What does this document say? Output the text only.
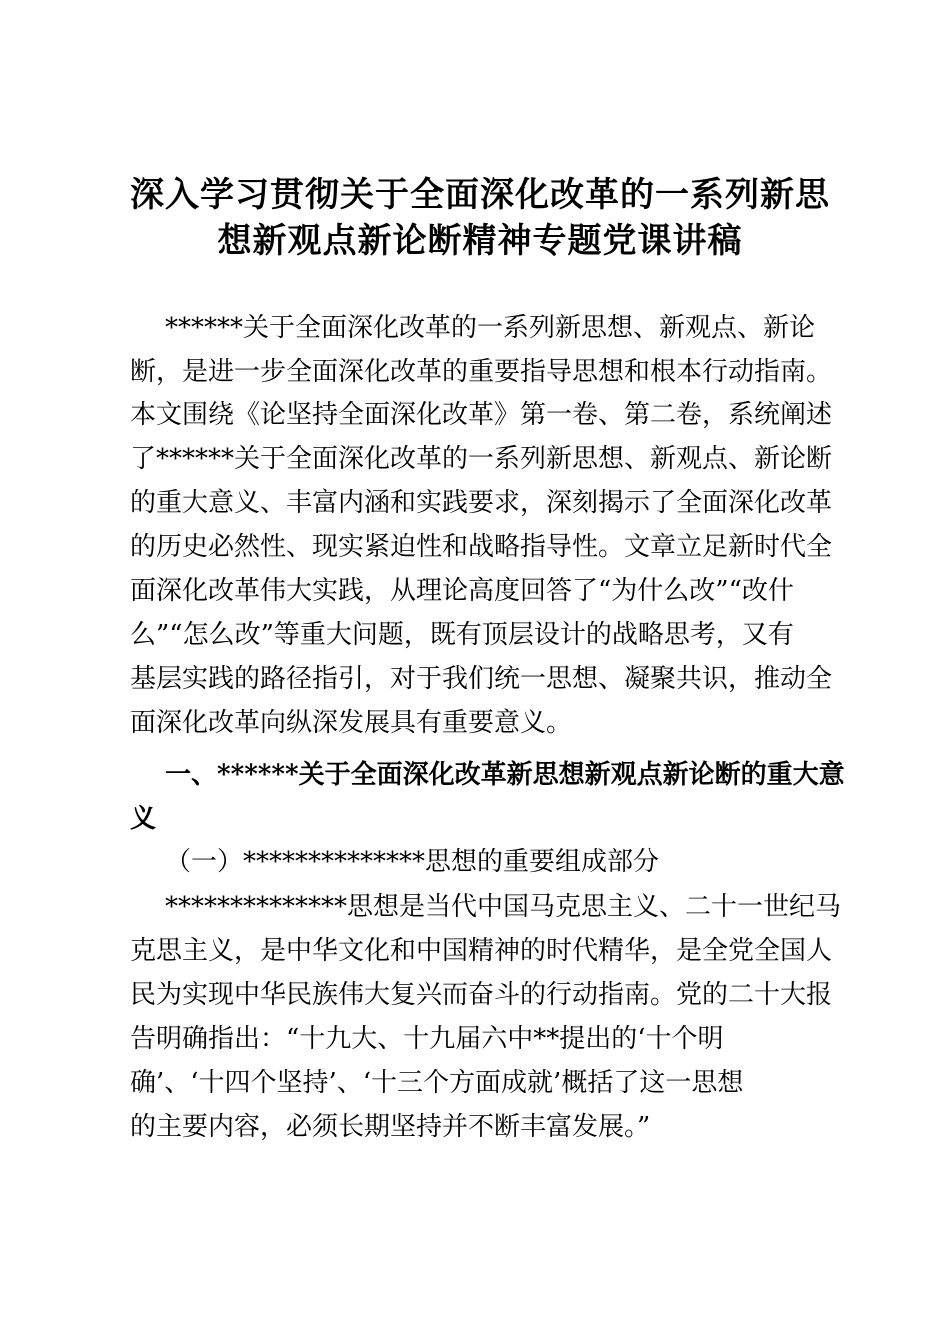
深入学习贯彻关于全面深化改革的一系列新思
想新观点新论断精神专题党课讲稿
******关于全面深化改革的一系列新思想、新观点、新论
断，是进一步全面深化改革的重要指导思想和根本行动指南。
本文围绕《论坚持全面深化改革》第一卷、第二卷，系统阐述
了******关于全面深化改革的一系列新思想、新观点、新论断
的重大意义、丰富内涵和实践要求，深刻揭示了全面深化改革
的历史必然性、现实紧迫性和战略指导性。文章立足新时代全
面深化改革伟大实践，从理论高度回答了“为什么改”“改什
么”“怎么改”等重大问题，既有顶层设计的战略思考，又有
基层实践的路径指引，对于我们统一思想、凝聚共识，推动全
面深化改革向纵深发展具有重要意义。
一、******关于全面深化改革新思想新观点新论断的重大意
义
（一）**************思想的重要组成部分
**************思想是当代中国马克思主义、二十一世纪马
克思主义，是中华文化和中国精神的时代精华，是全党全国人
民为实现中华民族伟大复兴而奋斗的行动指南。党的二十大报
告明确指出：“十九大、十九届六中**提出的‘十个明
确’、‘十四个坚持’、‘十三个方面成就’概括了这一思想
的主要内容，必须长期坚持并不断丰富发展。”
